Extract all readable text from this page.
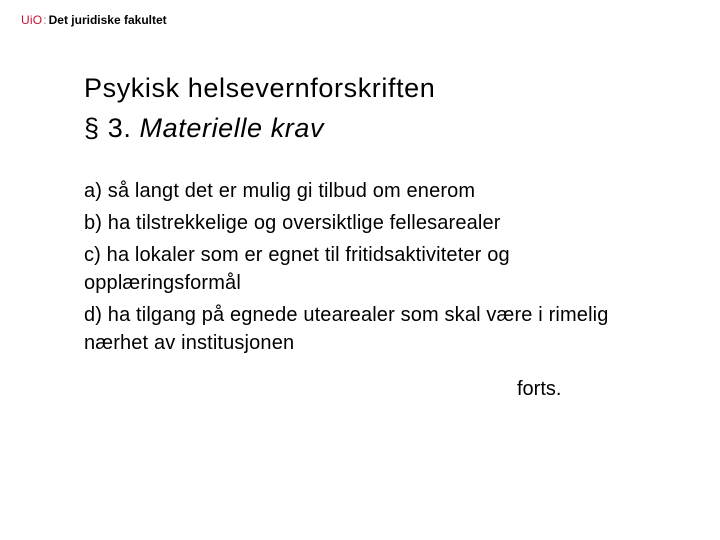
UiO : Det juridiske fakultet
Psykisk helsevernforskriften
§ 3. Materielle krav

a) så langt det er mulig gi tilbud om enerom

b) ha tilstrekkelige og oversiktlige fellesarealer

c) ha lokaler som er egnet til fritidsaktiviteter og opplæringsformål

d) ha tilgang på egnede utearealer som skal være i rimelig nærhet av institusjonen

forts.
